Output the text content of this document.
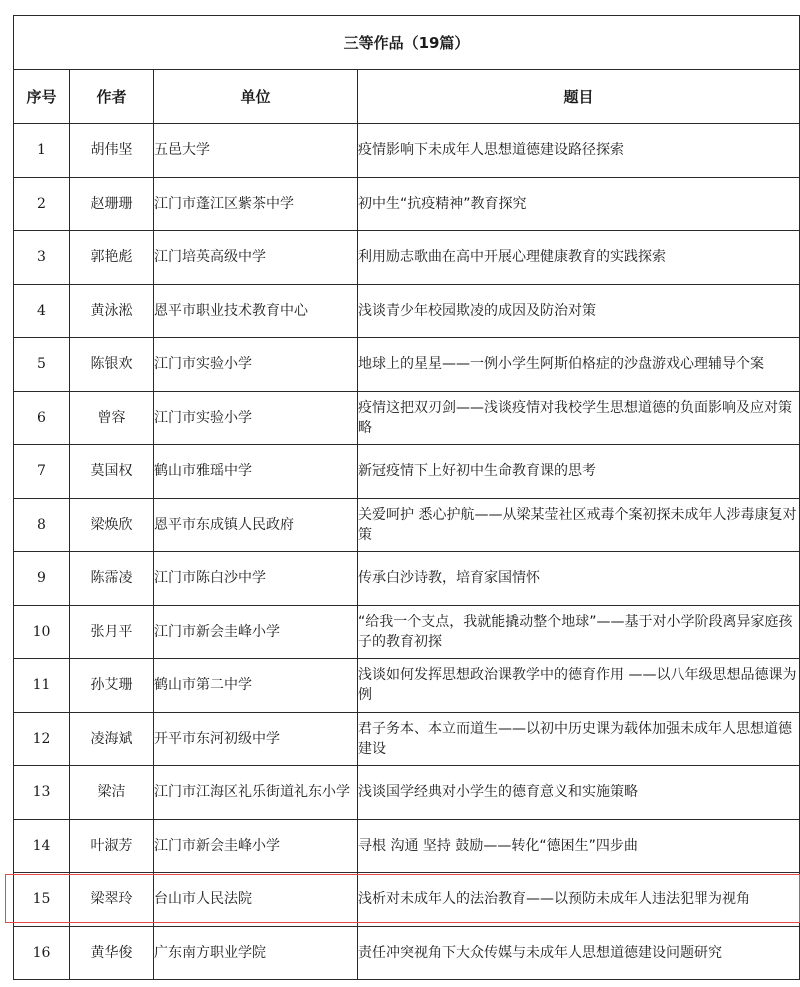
三等作品（19篇）			
序号	作者	单位	题目
1	胡伟坚	五邑大学	疫情影响下未成年人思想道德建设路径探索
2	赵珊珊	江门市蓬江区紫茶中学	初中生“抗疫精神”教育探究
3	郭艳彪	江门培英高级中学	利用励志歌曲在高中开展心理健康教育的实践探索
4	黄泳淞	恩平市职业技术教育中心	浅谈青少年校园欺凌的成因及防治对策
5	陈银欢	江门市实验小学	地球上的星星——一例小学生阿斯伯格症的沙盘游戏心理辅导个案
6	曾容	江门市实验小学	疫情这把双刃剑——浅谈疫情对我校学生思想道德的负面影响及应对策略
7	莫国权	鹤山市雅瑶中学	新冠疫情下上好初中生命教育课的思考
8	梁焕欣	恩平市东成镇人民政府	关爱呵护 悉心护航——从梁某莹社区戒毒个案初探未成年人涉毒康复对策
9	陈霈凌	江门市陈白沙中学	传承白沙诗教，培育家国情怀
10	张月平	江门市新会圭峰小学	“给我一个支点，我就能撬动整个地球”——基于对小学阶段离异家庭孩子的教育初探
11	孙艾珊	鹤山市第二中学	浅谈如何发挥思想政治课教学中的德育作用 ——以八年级思想品德课为例
12	凌海斌	开平市东河初级中学	君子务本、本立而道生——以初中历史课为载体加强未成年人思想道德建设
13	梁洁	江门市江海区礼乐街道礼东小学	浅谈国学经典对小学生的德育意义和实施策略
14	叶淑芳	江门市新会圭峰小学	寻根 沟通 坚持 鼓励——转化“德困生”四步曲
15	梁翠玲	台山市人民法院	浅析对未成年人的法治教育——以预防未成年人违法犯罪为视角
16	黄华俊	广东南方职业学院	责任冲突视角下大众传媒与未成年人思想道德建设问题研究
